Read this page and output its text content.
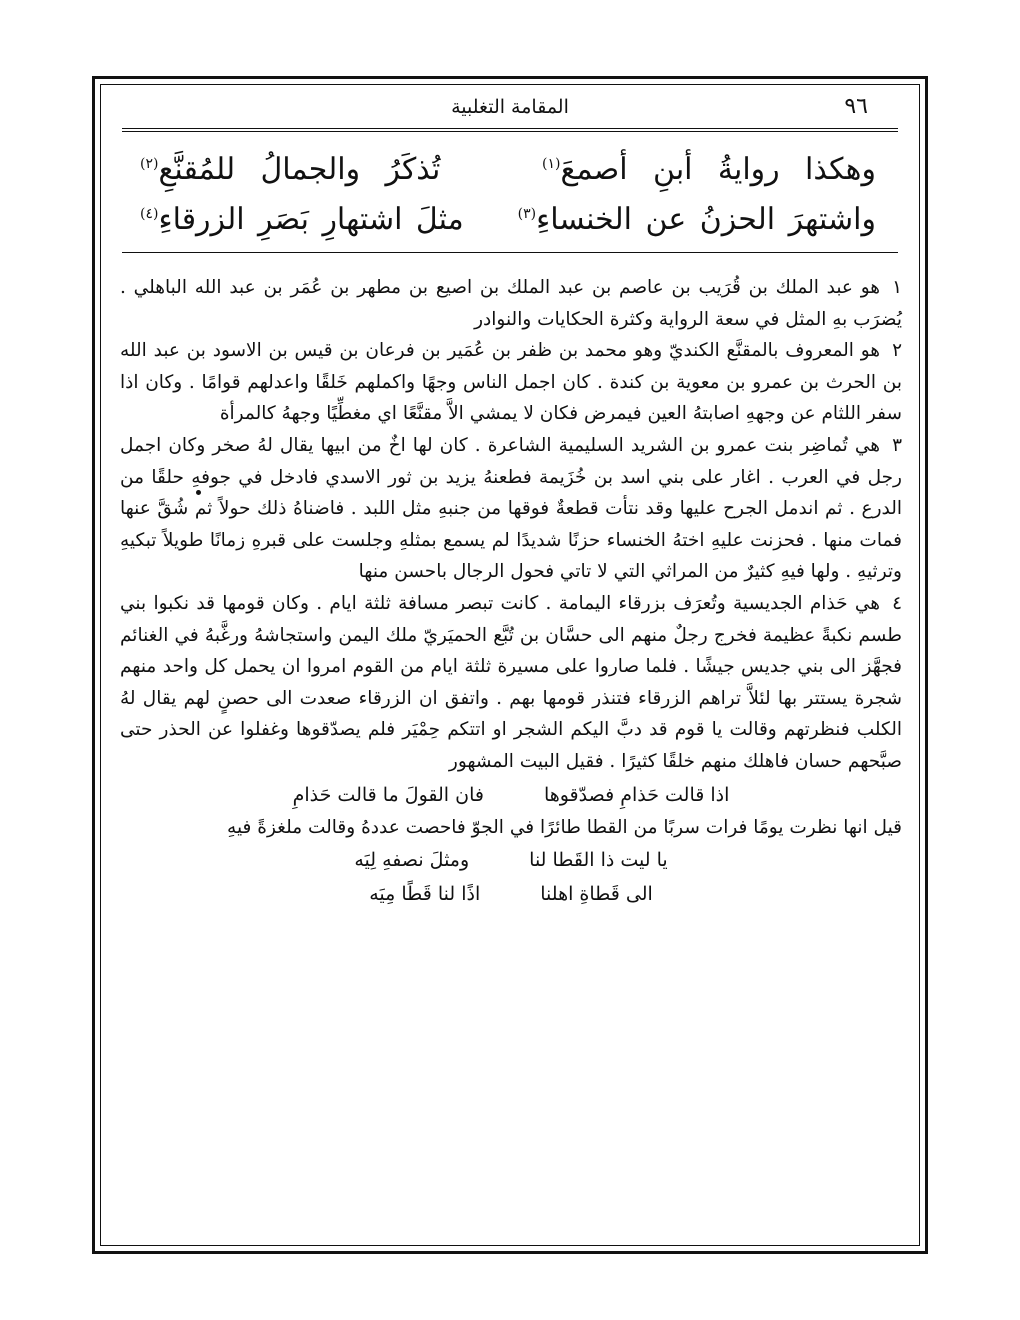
٩٦
المقامة التغلبية
وهكذا روايةُ أبنِ أصمعَ$^{(١)}$    تُذكَرُ والجمالُ للمُقنَّعِ$^{(٢)}$
واشتهرَ الحزنُ عن الخنساءِ$^{(٣)}$    مثلَ اشتهارِ بَصَرِ الزرقاءِ$^{(٤)}$

١هو عبد الملك بن قُرَيب بن عاصم بن عبد الملك بن اصيع بن مطهر بن عُمَر بن عبد الله الباهلي . يُضرَب بهِ المثل في سعة الرواية وكثرة الحكايات والنوادر

٢هو المعروف بالمقنَّع الكنديّ وهو محمد بن ظفر بن عُمَير بن فرعان بن قيس بن الاسود بن عبد الله بن الحرث بن عمرو بن معوية بن كندة . كان اجمل الناس وجهًا واكملهم خَلقًا واعدلهم قوامًا . وكان اذا سفر اللثام عن وجههِ اصابتهُ العين فيمرض فكان لا يمشي الاَّ مقنَّعًا اي مغطِّيًا وجههُ كالمرأة

٣هي تُماضِر بنت عمرو بن الشريد السليمية الشاعرة . كان لها اخٌ من ابيها يقال لهُ صخر وكان اجمل رجل في العرب . اغار على بني اسد بن خُزَيمة فطعنهُ يزيد بن ثور الاسدي فادخل في جوفهِ حلقًا من الدرع . ثم اندمل الجرح عليها وقد نتأت قطعةٌ فوقها من جنبهِ مثل اللبد . فاضناهُ ذلك حولاً ثم شُقَّ عنها فمات منها . فحزنت عليهِ اختهُ الخنساء حزنًا شديدًا لم يسمع بمثلهِ وجلست على قبرهِ زمانًا طويلاً تبكيهِ وترثيهِ . ولها فيهِ كثيرٌ من المراثي التي لا تاتي فحول الرجال باحسن منها

٤هي حَذام الجديسية وتُعرَف بزرقاء اليمامة . كانت تبصر مسافة ثلثة ايام . وكان قومها قد نكبوا بني طسم نكبةً عظيمة فخرج رجلٌ منهم الى حسَّان بن تُبَّع الحميَريّ ملك اليمن واستجاشهُ ورغَّبهُ في الغنائم فجهَّز الى بني جديس جيشًا . فلما صاروا على مسيرة ثلثة ايام من القوم امروا ان يحمل كل واحد منهم شجرة يستتر بها لئلاَّ تراهم الزرقاء فتنذر قومها بهم . واتفق ان الزرقاء صعدت الى حصنٍ لهم يقال لهُ الكلب فنظرتهم وقالت يا قوم قد دبَّ اليكم الشجر او اتتكم حِمْيَر فلم يصدّقوها وغفلوا عن الحذر حتى صبَّحهم حسان فاهلك منهم خلقًا كثيرًا . فقيل البيت المشهور

اذا قالت حَذامِ فصدّقوها
فان القولَ ما قالت حَذامِ

قيل انها نظرت يومًا فرات سربًا من القطا طائرًا في الجوّ فاحصت عددهُ وقالت ملغزةً فيهِ

يا ليت ذا القَطا لنا
ومثلَ نصفهِ لِيَه
الى قَطاةِ اهلنا
اذًا لنا قَطًا مِيَه
